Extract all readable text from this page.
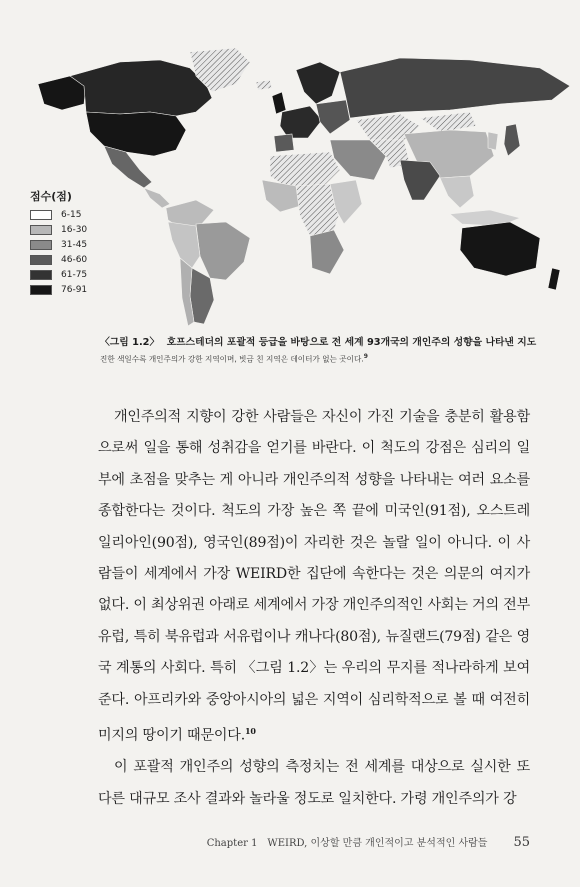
점수(점)
6-15
16-30
31-45
46-60
61-75
76-91
〈그림 1.2〉 호프스테더의 포괄적 등급을 바탕으로 전 세계 93개국의 개인주의 성향을 나타낸 지도
진한 색일수록 개인주의가 강한 지역이며, 빗금 친 지역은 데이터가 없는 곳이다.$^9$

개인주의적 지향이 강한 사람들은 자신이 가진 기술을 충분히 활용함으로써 일을 통해 성취감을 얻기를 바란다. 이 척도의 강점은 심리의 일부에 초점을 맞추는 게 아니라 개인주의적 성향을 나타내는 여러 요소를 종합한다는 것이다. 척도의 가장 높은 쪽 끝에 미국인(91점), 오스트레일리아인(90점), 영국인(89점)이 자리한 것은 놀랄 일이 아니다. 이 사람들이 세계에서 가장 WEIRD한 집단에 속한다는 것은 의문의 여지가 없다. 이 최상위권 아래로 세계에서 가장 개인주의적인 사회는 거의 전부 유럽, 특히 북유럽과 서유럽이나 캐나다(80점), 뉴질랜드(79점) 같은 영국 계통의 사회다. 특히 〈그림 1.2〉는 우리의 무지를 적나라하게 보여준다. 아프리카와 중앙아시아의 넓은 지역이 심리학적으로 볼 때 여전히 미지의 땅이기 때문이다.$^{10}$

이 포괄적 개인주의 성향의 측정치는 전 세계를 대상으로 실시한 또 다른 대규모 조사 결과와 놀라울 정도로 일치한다. 가령 개인주의가 강

Chapter 1　WEIRD, 이상할 만큼 개인적이고 분석적인 사람들 55
